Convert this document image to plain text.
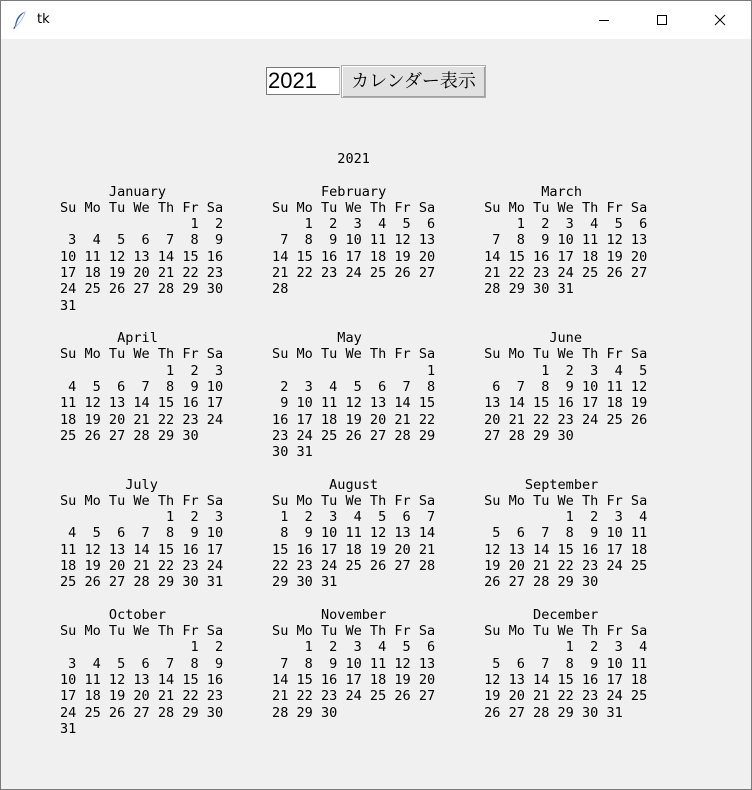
tk
2021
カレンダー表示
2021

January                   February                   March
Su Mo Tu We Th Fr Sa      Su Mo Tu We Th Fr Sa      Su Mo Tu We Th Fr Sa
1  2          1  2  3  4  5  6          1  2  3  4  5  6
3  4  5  6  7  8  9       7  8  9 10 11 12 13       7  8  9 10 11 12 13
10 11 12 13 14 15 16      14 15 16 17 18 19 20      14 15 16 17 18 19 20
17 18 19 20 21 22 23      21 22 23 24 25 26 27      21 22 23 24 25 26 27
24 25 26 27 28 29 30      28                        28 29 30 31
31

April                      May                       June
Su Mo Tu We Th Fr Sa      Su Mo Tu We Th Fr Sa      Su Mo Tu We Th Fr Sa
1  2  3                         1             1  2  3  4  5
4  5  6  7  8  9 10       2  3  4  5  6  7  8       6  7  8  9 10 11 12
11 12 13 14 15 16 17       9 10 11 12 13 14 15      13 14 15 16 17 18 19
18 19 20 21 22 23 24      16 17 18 19 20 21 22      20 21 22 23 24 25 26
25 26 27 28 29 30         23 24 25 26 27 28 29      27 28 29 30
30 31

July                     August                  September
Su Mo Tu We Th Fr Sa      Su Mo Tu We Th Fr Sa      Su Mo Tu We Th Fr Sa
1  2  3       1  2  3  4  5  6  7                1  2  3  4
4  5  6  7  8  9 10       8  9 10 11 12 13 14       5  6  7  8  9 10 11
11 12 13 14 15 16 17      15 16 17 18 19 20 21      12 13 14 15 16 17 18
18 19 20 21 22 23 24      22 23 24 25 26 27 28      19 20 21 22 23 24 25
25 26 27 28 29 30 31      29 30 31                  26 27 28 29 30

October                   November                  December
Su Mo Tu We Th Fr Sa      Su Mo Tu We Th Fr Sa      Su Mo Tu We Th Fr Sa
1  2          1  2  3  4  5  6                1  2  3  4
3  4  5  6  7  8  9       7  8  9 10 11 12 13       5  6  7  8  9 10 11
10 11 12 13 14 15 16      14 15 16 17 18 19 20      12 13 14 15 16 17 18
17 18 19 20 21 22 23      21 22 23 24 25 26 27      19 20 21 22 23 24 25
24 25 26 27 28 29 30      28 29 30                  26 27 28 29 30 31
31
